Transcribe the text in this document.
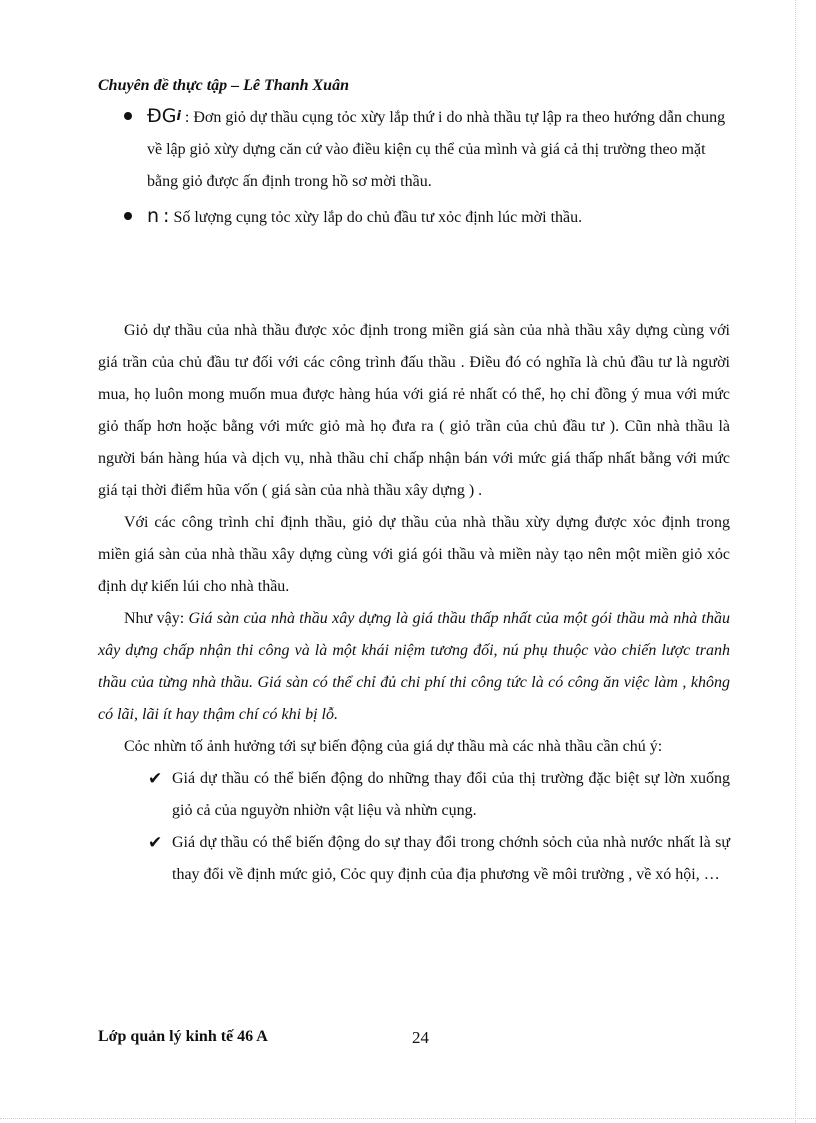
Chuyên đề thực tập – Lê Thanh Xuân
$ĐG_i$ : Đơn giỏ dự thầu cụng tỏc xừy lắp thứ i do nhà thầu tự lập ra theo hướng dẫn chung về lập giỏ xừy dựng căn cứ vào điều kiện cụ thể của mình và giá cả thị trường theo mặt bằng giỏ được ấn định trong hồ sơ mời thầu.
n : Số lượng cụng tỏc xừy lắp do chủ đầu tư xỏc định lúc mời thầu.

Giỏ dự thầu của nhà thầu được xỏc định trong miền giá sàn của nhà thầu xây dựng cùng với giá trần của chủ đầu tư đối với các công trình đấu thầu . Điều đó có nghĩa là chủ đầu tư là người mua, họ luôn mong muốn mua được hàng húa với giá rẻ nhất có thể, họ chỉ đồng ý mua với mức giỏ thấp hơn hoặc bằng với mức giỏ mà họ đưa ra ( giỏ trần của chủ đầu tư ). Cũn nhà thầu là người bán hàng húa và dịch vụ, nhà thầu chỉ chấp nhận bán với mức giá thấp nhất bằng với mức giá tại thời điểm hũa vốn ( giá sàn của nhà thầu xây dựng ) .

Với các công trình chỉ định thầu, giỏ dự thầu của nhà thầu xừy dựng được xỏc định trong miền giá sàn của nhà thầu xây dựng cùng với giá gói thầu và miền này tạo nên một miền giỏ xỏc định dự kiến lúi cho nhà thầu.

Như vậy: Giá sàn của nhà thầu xây dựng là giá thầu thấp nhất của một gói thầu mà nhà thầu xây dựng chấp nhận thi công và là một khái niệm tương đối, nú phụ thuộc vào chiến lược tranh thầu của từng nhà thầu. Giá sàn có thể chỉ đủ chi phí thi công tức là có công ăn việc làm , không có lãi, lãi ít hay thậm chí có khi bị lỗ.

Cỏc nhừn tố ảnh hưởng tới sự biến động của giá dự thầu mà các nhà thầu cần chú ý:

✔ Giá dự thầu có thể biến động do những thay đổi của thị trường đặc biệt sự lờn xuống giỏ cả của nguyờn nhiờn vật liệu và nhừn cụng.
✔ Giá dự thầu có thể biến động do sự thay đổi trong chớnh sỏch của nhà nước nhất là sự thay đổi về định mức giỏ, Cỏc quy định của địa phương về môi trường , về xó hội, …
Lớp quản lý kinh tế 46 A	24
